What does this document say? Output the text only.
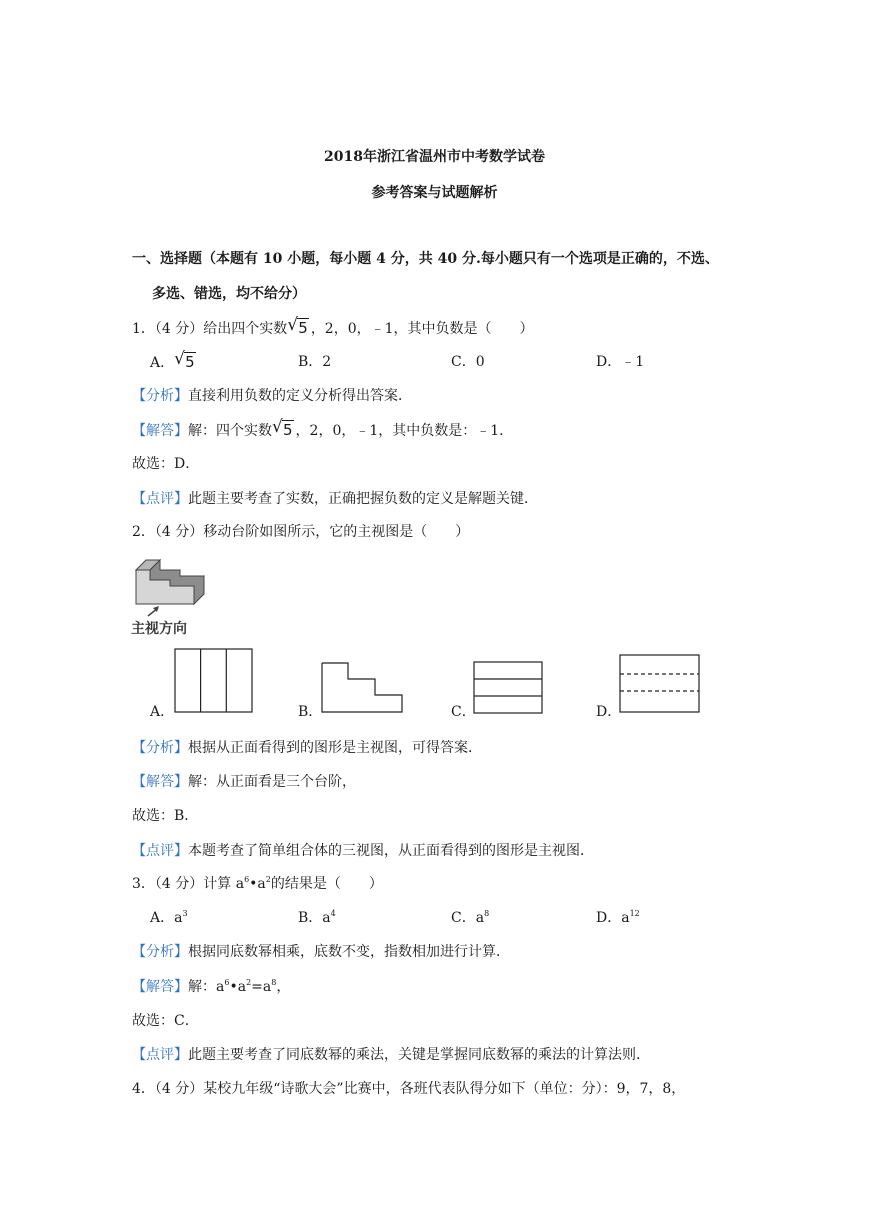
2018年浙江省温州市中考数学试卷
参考答案与试题解析
一、选择题（本题有 10 小题，每小题 4 分，共 40 分.每小题只有一个选项是正确的，不选、
多选、错选，均不给分）
1．（4 分）给出四个实数 √ 5 ，2，0，﹣1，其中负数是（　　）
A． √ 5	B．2	C．0	D．﹣1
【分析】直接利用负数的定义分析得出答案．
【解答】解：四个实数 √ 5 ，2，0，﹣1，其中负数是：﹣1．
故选：D．
【点评】此题主要考查了实数，正确把握负数的定义是解题关键．
2．（4 分）移动台阶如图所示，它的主视图是（　　）
主视方向
A．	B．	C．	D．
【分析】根据从正面看得到的图形是主视图，可得答案．
【解答】解：从正面看是三个台阶，
故选：B．
【点评】本题考查了简单组合体的三视图，从正面看得到的图形是主视图．
3．（4 分）计算 $a^6•a^2$的结果是（　　）
A．$a^3$	B．$a^4$	C．$a^8$	D．$a^{12}$
【分析】根据同底数幂相乘，底数不变，指数相加进行计算．
【解答】解：$a^6•a^2=a^8$，
故选：C．
【点评】此题主要考查了同底数幂的乘法，关键是掌握同底数幂的乘法的计算法则．
4．（4 分）某校九年级“诗歌大会”比赛中，各班代表队得分如下（单位：分）：9，7，8，
